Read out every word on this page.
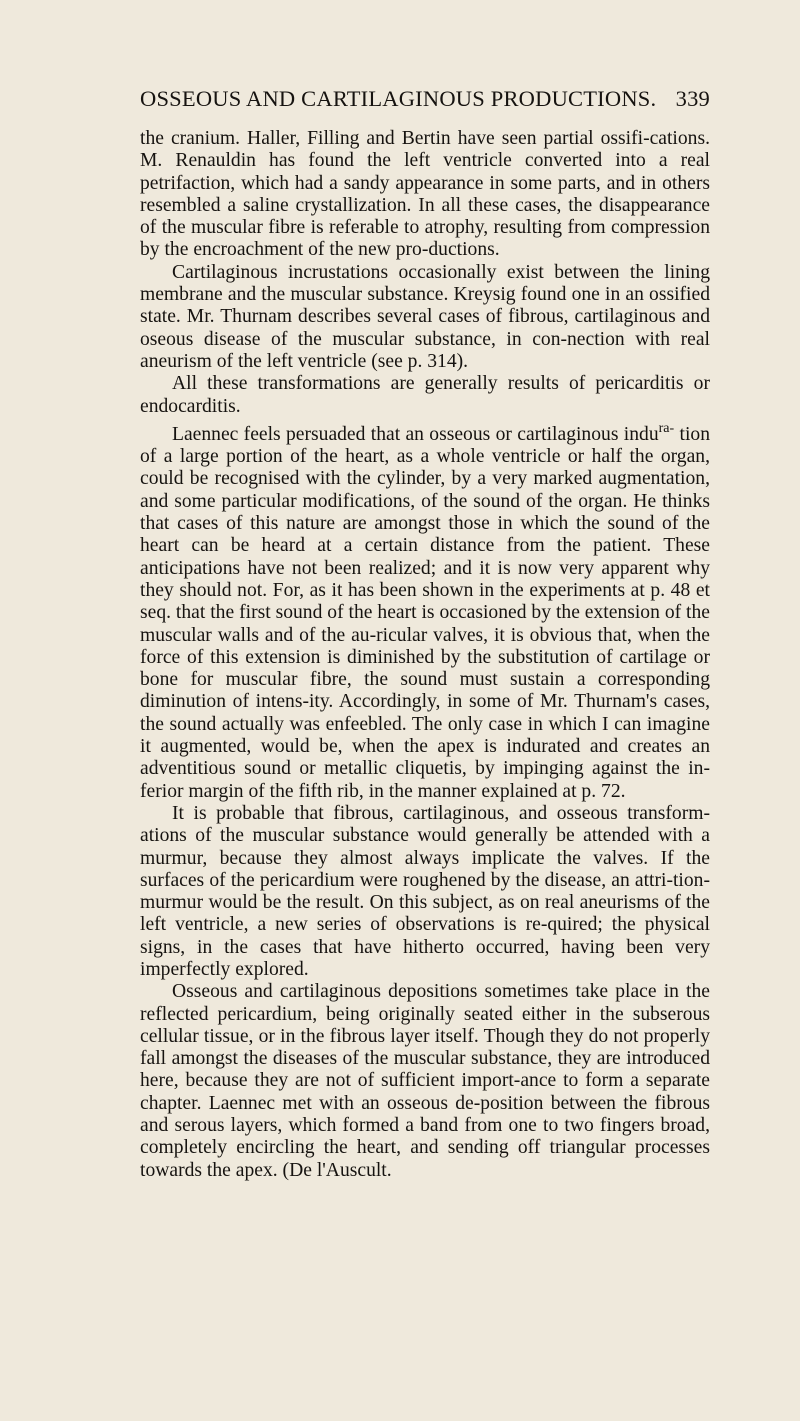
OSSEOUS AND CARTILAGINOUS PRODUCTIONS. 339

the cranium. Haller, Filling and Bertin have seen partial ossifi-cations. M. Renauldin has found the left ventricle converted into a real petrifaction, which had a sandy appearance in some parts, and in others resembled a saline crystallization. In all these cases, the disappearance of the muscular fibre is referable to atrophy, resulting from compression by the encroachment of the new pro-ductions.

Cartilaginous incrustations occasionally exist between the lining membrane and the muscular substance. Kreysig found one in an ossified state. Mr. Thurnam describes several cases of fibrous, cartilaginous and oseous disease of the muscular substance, in con-nection with real aneurism of the left ventricle (see p. 314).

All these transformations are generally results of pericarditis or endocarditis.

Laennec feels persuaded that an osseous or cartilaginous indu$^{ra-}$ tion of a large portion of the heart, as a whole ventricle or half the organ, could be recognised with the cylinder, by a very marked augmentation, and some particular modifications, of the sound of the organ. He thinks that cases of this nature are amongst those in which the sound of the heart can be heard at a certain distance from the patient. These anticipations have not been realized; and it is now very apparent why they should not. For, as it has been shown in the experiments at p. 48 et seq. that the first sound of the heart is occasioned by the extension of the muscular walls and of the au-ricular valves, it is obvious that, when the force of this extension is diminished by the substitution of cartilage or bone for muscular fibre, the sound must sustain a corresponding diminution of intens-ity. Accordingly, in some of Mr. Thurnam's cases, the sound actually was enfeebled. The only case in which I can imagine it augmented, would be, when the apex is indurated and creates an adventitious sound or metallic cliquetis, by impinging against the in-ferior margin of the fifth rib, in the manner explained at p. 72.

It is probable that fibrous, cartilaginous, and osseous transform-ations of the muscular substance would generally be attended with a murmur, because they almost always implicate the valves. If the surfaces of the pericardium were roughened by the disease, an attri-tion-murmur would be the result. On this subject, as on real aneurisms of the left ventricle, a new series of observations is re-quired; the physical signs, in the cases that have hitherto occurred, having been very imperfectly explored.

Osseous and cartilaginous depositions sometimes take place in the reflected pericardium, being originally seated either in the subserous cellular tissue, or in the fibrous layer itself. Though they do not properly fall amongst the diseases of the muscular substance, they are introduced here, because they are not of sufficient import-ance to form a separate chapter. Laennec met with an osseous de-position between the fibrous and serous layers, which formed a band from one to two fingers broad, completely encircling the heart, and sending off triangular processes towards the apex. (De l'Auscult.
